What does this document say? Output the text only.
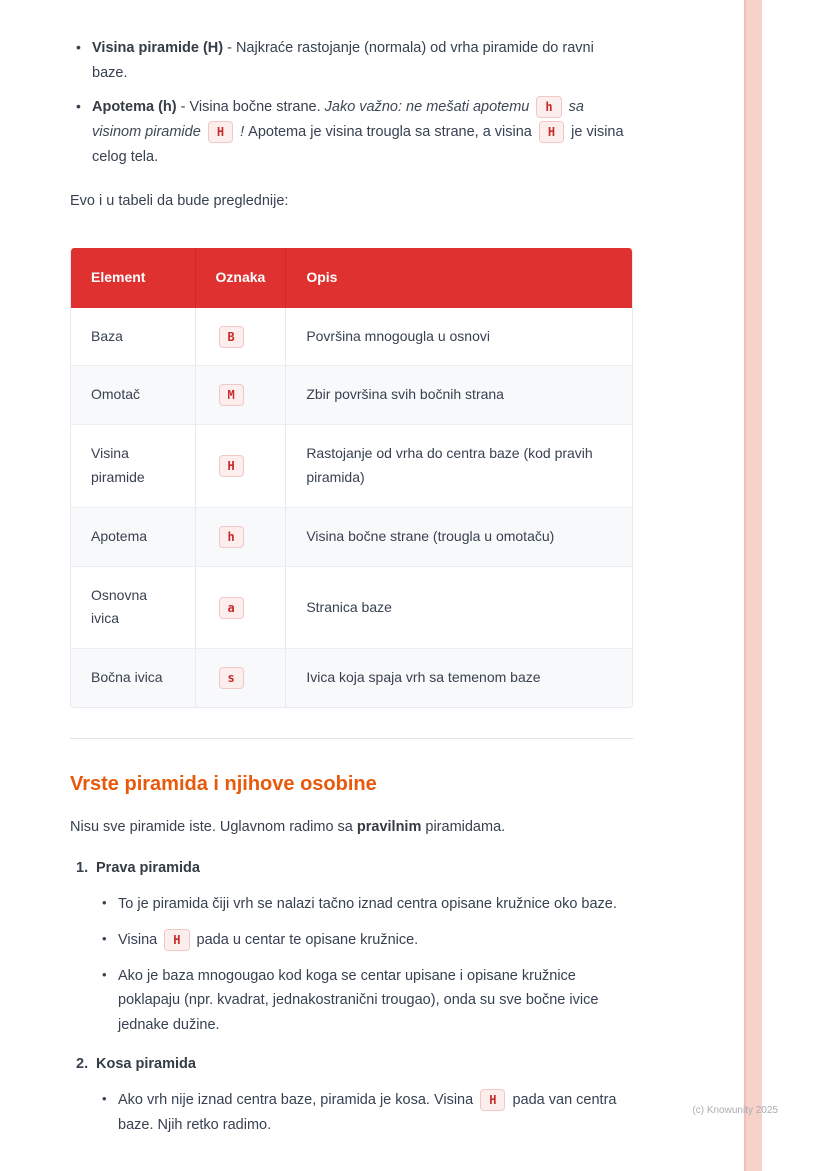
• Visina piramide (H) - Najkraće rastojanje (normala) od vrha piramide do ravni baze.
• Apotema (h) - Visina bočne strane. Jako važno: ne mešati apotemu h sa visinom piramide H ! Apotema je visina trougla sa strane, a visina H je visina celog tela.

Evo i u tabeli da bude preglednije:

Element	Oznaka	Opis
Baza	B	Površina mnogougla u osnovi
Omotač	M	Zbir površina svih bočnih strana
Visina piramide	H	Rastojanje od vrha do centra baze (kod pravih piramida)
Apotema	h	Visina bočne strane (trougla u omotaču)
Osnovna ivica	a	Stranica baze
Bočna ivica	s	Ivica koja spaja vrh sa temenom baze
Vrste piramida i njihove osobine

Nisu sve piramide iste. Uglavnom radimo sa pravilnim piramidama.

1. Prava piramida
• To je piramida čiji vrh se nalazi tačno iznad centra opisane kružnice oko baze.
• Visina H pada u centar te opisane kružnice.
• Ako je baza mnogougao kod koga se centar upisane i opisane kružnice poklapaju (npr. kvadrat, jednakostranični trougao), onda su sve bočne ivice jednake dužine.
2. Kosa piramida
• Ako vrh nije iznad centra baze, piramida je kosa. Visina H pada van centra baze. Njih retko radimo.
(c) Knowunity 2025
